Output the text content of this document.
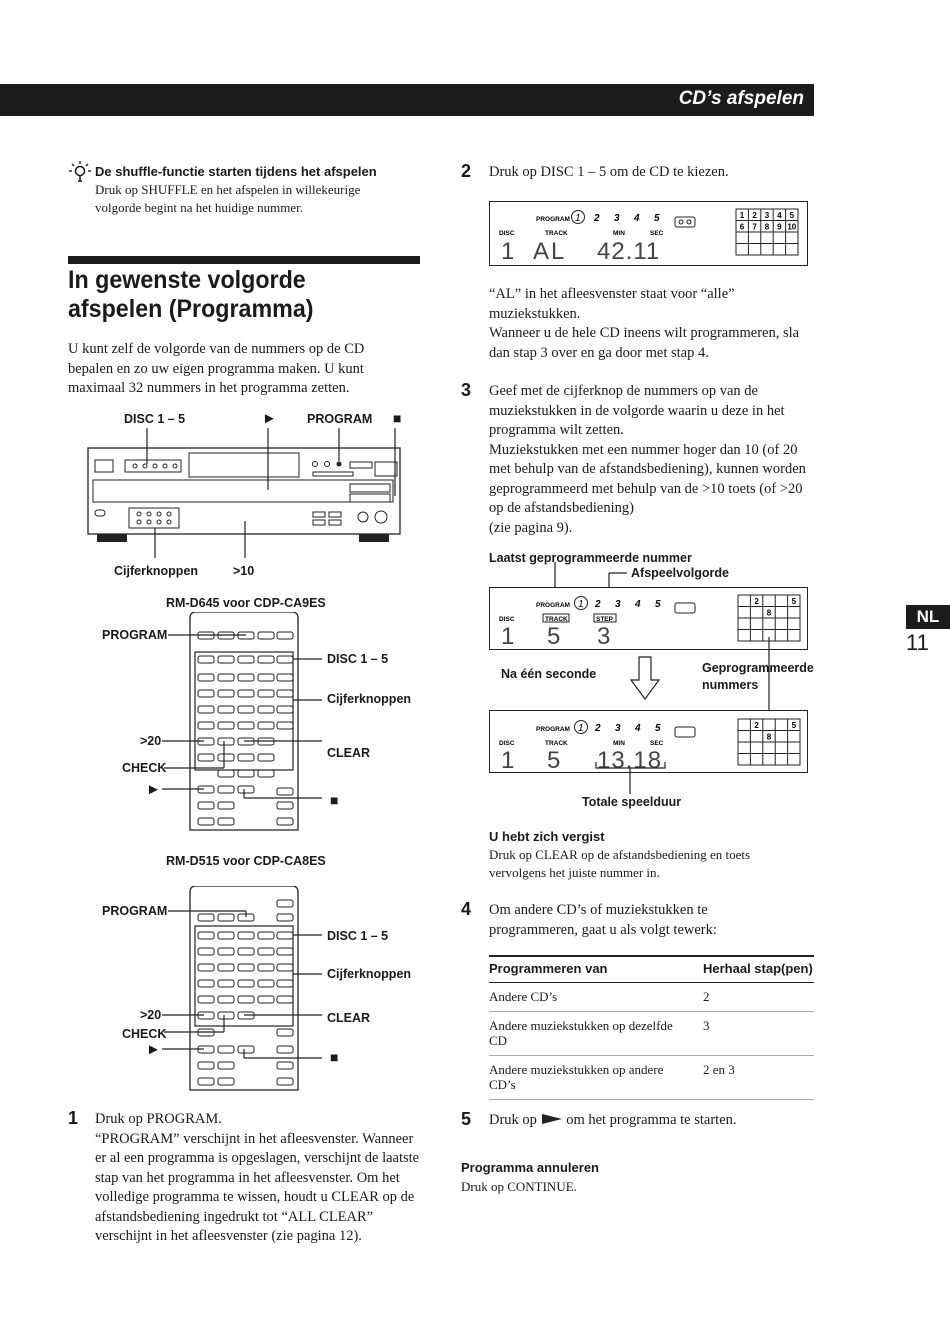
CD’s afspelen
De shuffle-functie starten tijdens het afspelen
Druk op SHUFFLE en het afspelen in willekeurige volgorde begint na het huidige nummer.
In gewenste volgorde
afspelen (Programma)
U kunt zelf de volgorde van de nummers op de CD bepalen en zo uw eigen programma maken. U kunt maximaal 32 nummers in het programma zetten.
DISC 1 – 5	► PROGRAM ■
Cijferknoppen	>10
RM-D645 voor CDP-CA9ES
PROGRAM
DISC 1 – 5
Cijferknoppen
>20
CLEAR
CHECK
►
■
RM-D515 voor CDP-CA8ES
PROGRAM
DISC 1 – 5
Cijferknoppen
>20	CLEAR
CHECK
►	■
1 Druk op PROGRAM.
“PROGRAM” verschijnt in het afleesvenster. Wanneer er al een programma is opgeslagen, verschijnt de laatste stap van het programma in het afleesvenster. Om het volledige programma te wissen, houdt u CLEAR op de afstandsbediening ingedrukt tot “ALL CLEAR” verschijnt in het afleesvenster (zie pagina 12).
2 Druk op DISC 1 – 5 om de CD te kiezen.
PROGRAM 1 2 3 4 5
DISC	TRACK	MIN	SEC
1 AL 42.11
1 2 3 4 5
6 7 8 9 10
“AL” in het afleesvenster staat voor “alle” muziekstukken.
Wanneer u de hele CD ineens wilt programmeren, sla dan stap 3 over en ga door met stap 4.
3 Geef met de cijferknop de nummers op van de muziekstukken in de volgorde waarin u deze in het programma wilt zetten.
Muziekstukken met een nummer hoger dan 10 (of 20 met behulp van de afstandsbediening), kunnen worden geprogrammeerd met behulp van de >10 toets (of >20 op de afstandsbediening)
(zie pagina 9).
Laatst geprogrammeerde nummer
Afspeelvolgorde
PROGRAM 1 2 3 4 5
DISC	TRACK	STEP
1 5 3
2	5
8
PROGRAM 1 2 3 4 5
DISC	TRACK	MIN	SEC
1 5 13.18
2	5
8
Na één seconde	Geprogrammeerde
nummers
Totale speelduur
U hebt zich vergist
Druk op CLEAR op de afstandsbediening en toets vervolgens het juiste nummer in.
4 Om andere CD’s of muziekstukken te programmeren, gaat u als volgt tewerk:
Programmeren van	Herhaal stap(pen)
Andere CD’s	2
Andere muziekstukken op dezelfde CD	3
Andere muziekstukken op andere CD’s	2 en 3
5 Druk op om het programma te starten.
Programma annuleren
Druk op CONTINUE.
NL
11
